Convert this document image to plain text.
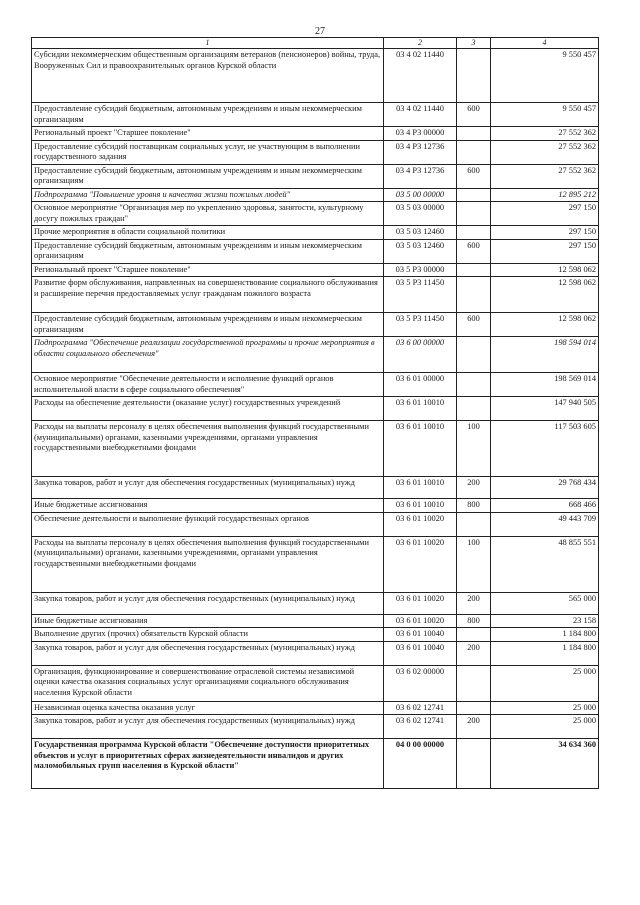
27
1	2	3	4
Субсидии некоммерческим общественным организациям ветеранов (пенсионеров) войны, труда, Вооруженных Сил и правоохранительных органов Курской области	03 4 02 11440		9 550 457
Предоставление субсидий бюджетным, автономным учреждениям и иным некоммерческим организациям	03 4 02 11440	600	9 550 457
Региональный проект "Старшее поколение"	03 4 P3 00000		27 552 362
Предоставление субсидий поставщикам социальных услуг, не участвующим в выполнении государственного задания	03 4 P3 12736		27 552 362
Предоставление субсидий бюджетным, автономным учреждениям и иным некоммерческим организациям	03 4 P3 12736	600	27 552 362
Подпрограмма "Повышение уровня и качества жизни пожилых людей"	03 5 00 00000		12 895 212
Основное мероприятие "Организация мер по укреплению здоровья, занятости, культурному досугу пожилых граждан"	03 5 03 00000		297 150
Прочие мероприятия в области социальной политики	03 5 03 12460		297 150
Предоставление субсидий бюджетным, автономным учреждениям и иным некоммерческим организациям	03 5 03 12460	600	297 150
Региональный проект "Старшее поколение"	03 5 P3 00000		12 598 062
Развитие форм обслуживания, направленных на совершенствование социального обслуживания и расширение перечня предоставляемых услуг гражданам пожилого возраста	03 5 P3 11450		12 598 062
Предоставление субсидий бюджетным, автономным учреждениям и иным некоммерческим организациям	03 5 P3 11450	600	12 598 062
Подпрограмма "Обеспечение реализации государственной программы и прочие мероприятия в области социального обеспечения"	03 6 00 00000		198 594 014
Основное мероприятие "Обеспечение деятельности и исполнение функций органов исполнительной власти в сфере социального обеспечения"	03 6 01 00000		198 569 014
Расходы на обеспечение деятельности (оказание услуг) государственных учреждений	03 6 01 10010		147 940 505
Расходы на выплаты персоналу в целях обеспечения выполнения функций государственными (муниципальными) органами, казенными учреждениями, органами управления государственными внебюджетными фондами	03 6 01 10010	100	117 503 605
Закупка товаров, работ и услуг для обеспечения государственных (муниципальных) нужд	03 6 01 10010	200	29 768 434
Иные бюджетные ассигнования	03 6 01 10010	800	668 466
Обеспечение деятельности и выполнение функций государственных органов	03 6 01 10020		49 443 709
Расходы на выплаты персоналу в целях обеспечения выполнения функций государственными (муниципальными) органами, казенными учреждениями, органами управления государственными внебюджетными фондами	03 6 01 10020	100	48 855 551
Закупка товаров, работ и услуг для обеспечения государственных (муниципальных) нужд	03 6 01 10020	200	565 000
Иные бюджетные ассигнования	03 6 01 10020	800	23 158
Выполнение других (прочих) обязательств Курской области	03 6 01 10040		1 184 800
Закупка товаров, работ и услуг для обеспечения государственных (муниципальных) нужд	03 6 01 10040	200	1 184 800
Организация, функционирование и совершенствование отраслевой системы независимой оценки качества оказания социальных услуг организациями социального обслуживания населения Курской области	03 6 02 00000		25 000
Независимая оценка качества оказания услуг	03 6 02 12741		25 000
Закупка товаров, работ и услуг для обеспечения государственных (муниципальных) нужд	03 6 02 12741	200	25 000
Государственная программа Курской области "Обеспечение доступности приоритетных объектов и услуг в приоритетных сферах жизнедеятельности инвалидов и других маломобильных групп населения в Курской области"	04 0 00 00000		34 634 360
